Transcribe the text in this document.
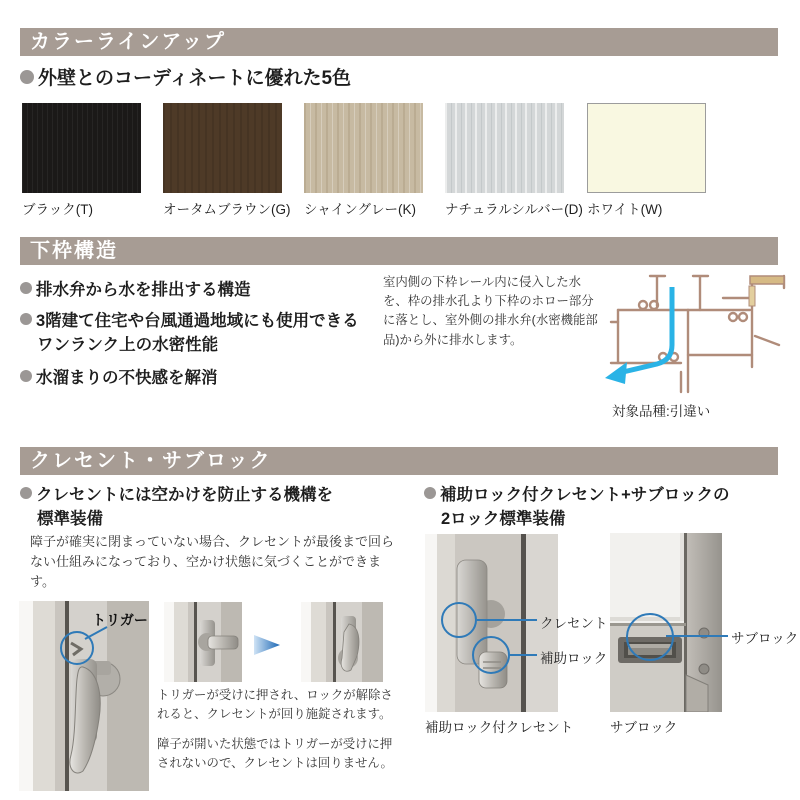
カラーラインアップ
外壁とのコーディネートに優れた5色
ブラック(T)	オータムブラウン(G) シャイングレー(K) ナチュラルシルバー(D) ホワイト(W)
下枠構造
排水弁から水を排出する構造
3階建て住宅や台風通過地域にも使用できる
ワンランク上の水密性能
水溜まりの不快感を解消
室内側の下枠レール内に侵入した水を、枠の排水孔より下枠のホロー部分に落とし、室外側の排水弁(水密機能部品)から外に排水します。
対象品種:引違い
クレセント・サブロック
クレセントには空かけを防止する機構を
標準装備
障子が確実に閉まっていない場合、クレセントが最後まで回らない仕組みになっており、空かけ状態に気づくことができます。
トリガー
トリガーが受けに押され、ロックが解除されると、クレセントが回り施錠されます。
障子が開いた状態ではトリガーが受けに押されないので、クレセントは回りません。
補助ロック付クレセント+サブロックの
2ロック標準装備
クレセント
補助ロック
補助ロック付クレセント
サブロック
サブロック
